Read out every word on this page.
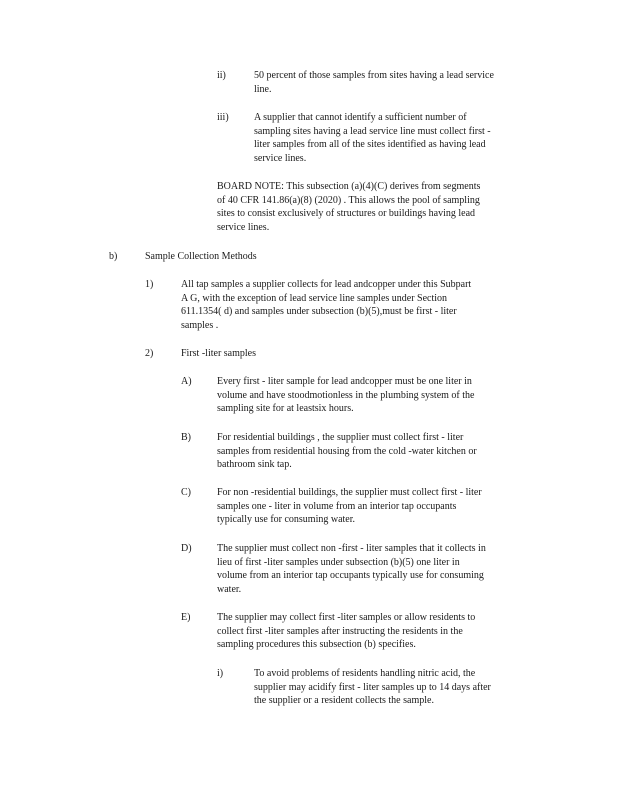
ii)	50 percent of those samples from sites having a lead service
line.
iii)	A supplier that cannot identify a sufficient number of
sampling sites having a lead service line must collect first -
liter samples from all of the sites identified as having lead
service lines.
BOARD NOTE: This subsection (a)(4)(C) derives from segments
of 40 CFR 141.86(a)(8) (2020) . This allows the pool of sampling
sites to consist exclusively of structures or buildings having lead
service lines.
b)	Sample Collection Methods
1)	All tap samples a supplier collects for lead andcopper under this Subpart
A G, with the exception of lead service line samples under Section
611.1354( d) and samples under subsection (b)(5),must be first - liter
samples .
2)	First -liter samples
A)	Every first - liter sample for lead andcopper must be one liter in
volume and have stoodmotionless in the plumbing system of the
sampling site for at leastsix hours.
B)	For residential buildings , the supplier must collect first - liter
samples from residential housing from the cold -water kitchen or
bathroom sink tap.
C)	For non -residential buildings, the supplier must collect first - liter
samples one - liter in volume from an interior tap occupants
typically use for consuming water.
D)	The supplier must collect non -first - liter samples that it collects in
lieu of first -liter samples under subsection (b)(5) one liter in
volume from an interior tap occupants typically use for consuming
water.
E)	The supplier may collect first -liter samples or allow residents to
collect first -liter samples after instructing the residents in the
sampling procedures this subsection (b) specifies.
i)	To avoid problems of residents handling nitric acid, the
supplier may acidify first - liter samples up to 14 days after
the supplier or a resident collects the sample.
